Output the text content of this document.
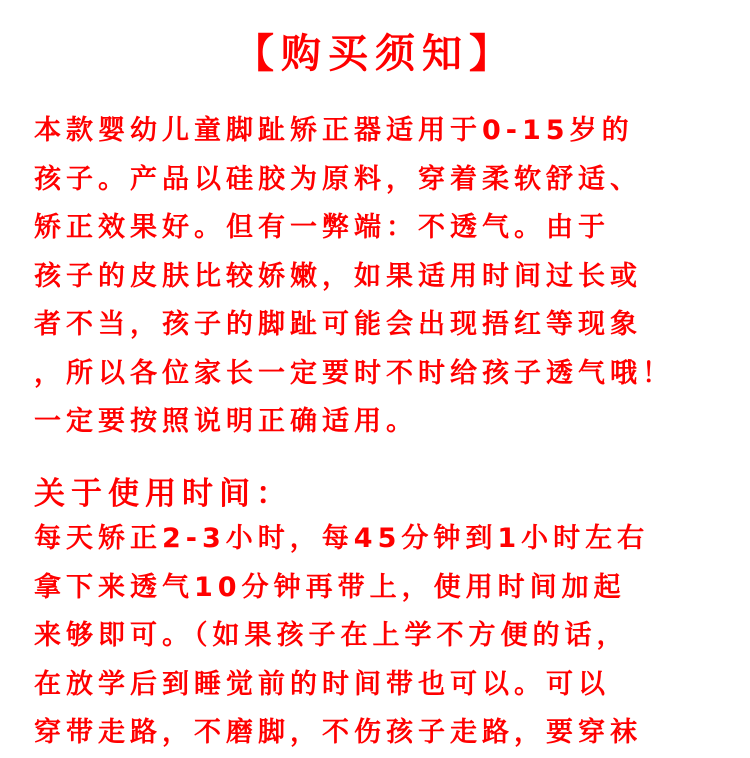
【购买须知】
本款婴幼儿童脚趾矫正器适用于0-15岁的
孩子。产品以硅胶为原料，穿着柔软舒适、
矫正效果好。但有一弊端：不透气。由于
孩子的皮肤比较娇嫩，如果适用时间过长或
者不当，孩子的脚趾可能会出现捂红等现象
，所以各位家长一定要时不时给孩子透气哦！
一定要按照说明正确适用。
关于使用时间：
每天矫正2-3小时，每45分钟到1小时左右
拿下来透气10分钟再带上，使用时间加起
来够即可。（如果孩子在上学不方便的话，
在放学后到睡觉前的时间带也可以。可以
穿带走路，不磨脚，不伤孩子走路，要穿袜
